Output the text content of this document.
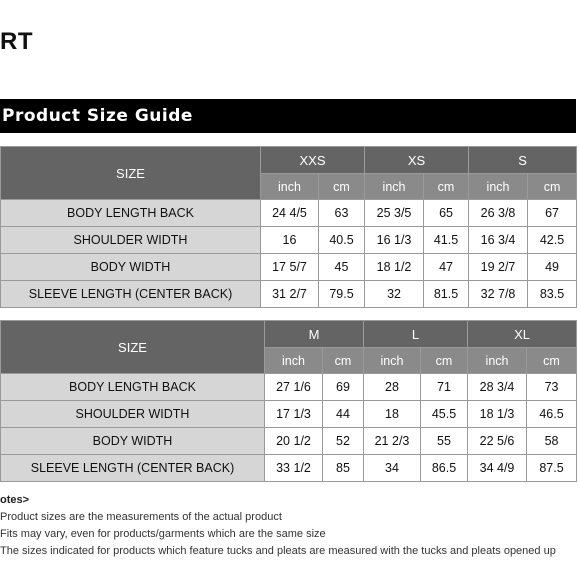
RT
Product Size Guide
SIZE	XXS		XS		S	
	inch	cm	inch	cm	inch	cm
BODY LENGTH BACK	24 4/5	63	25 3/5	65	26 3/8	67
SHOULDER WIDTH	16	40.5	16 1/3	41.5	16 3/4	42.5
BODY WIDTH	17 5/7	45	18 1/2	47	19 2/7	49
SLEEVE LENGTH (CENTER BACK)	31 2/7	79.5	32	81.5	32 7/8	83.5
SIZE	M		L		XL	
	inch	cm	inch	cm	inch	cm
BODY LENGTH BACK	27 1/6	69	28	71	28 3/4	73
SHOULDER WIDTH	17 1/3	44	18	45.5	18 1/3	46.5
BODY WIDTH	20 1/2	52	21 2/3	55	22 5/6	58
SLEEVE LENGTH (CENTER BACK)	33 1/2	85	34	86.5	34 4/9	87.5
otes>
Product sizes are the measurements of the actual product
Fits may vary, even for products/garments which are the same size
The sizes indicated for products which feature tucks and pleats are measured with the tucks and pleats opened up
